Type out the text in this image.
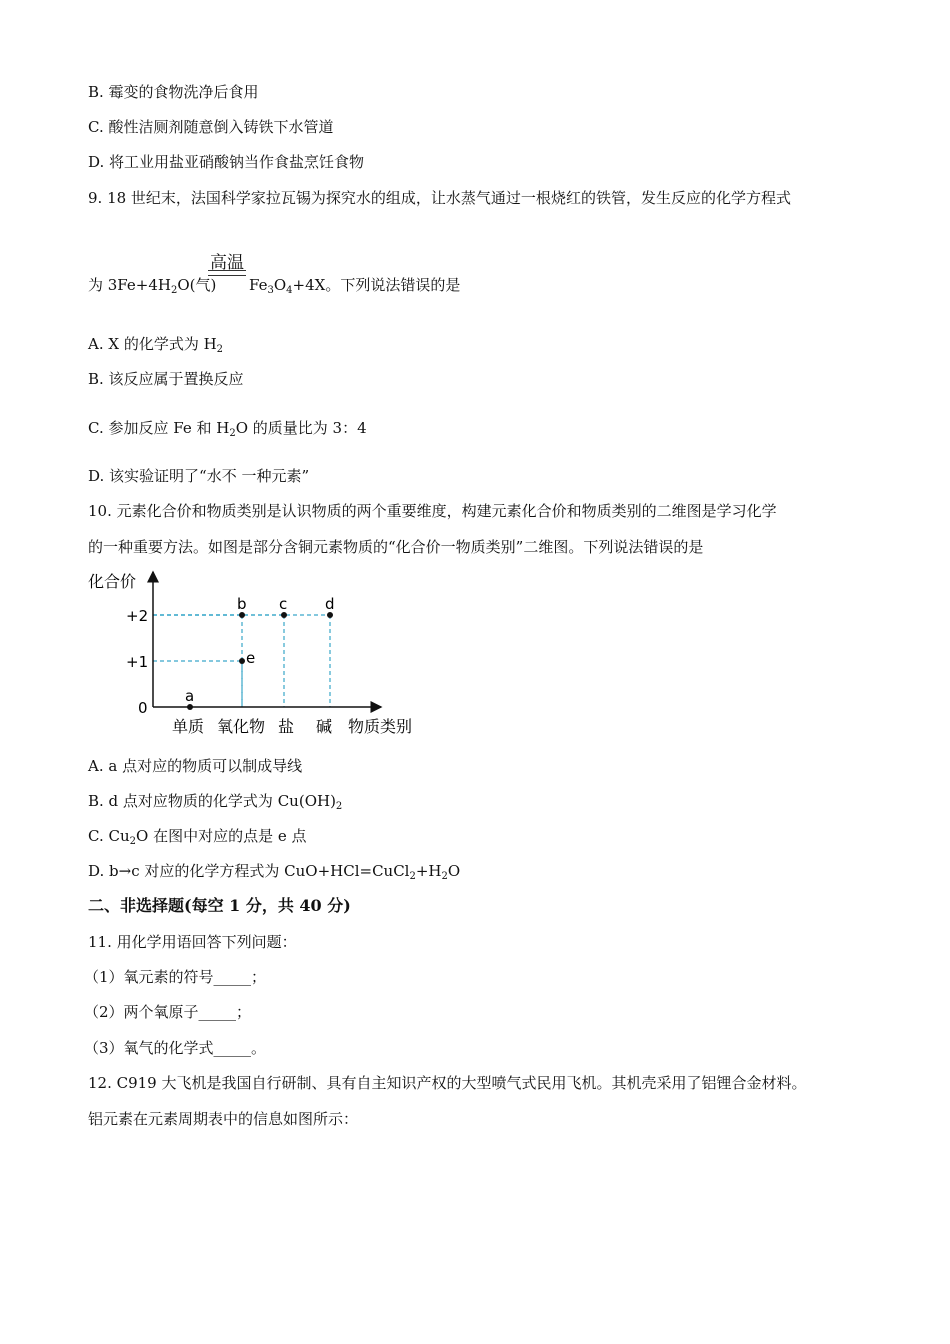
B. 霉变的食物洗净后食用
C. 酸性洁厕剂随意倒入铸铁下水管道
D. 将工业用盐亚硝酸钠当作食盐烹饪食物
9. 18 世纪末，法国科学家拉瓦锡为探究水的组成，让水蒸气通过一根烧红的铁管，发生反应的化学方程式
高温
为 $3Fe+4H_2O$(气) $Fe_3O_4+4X$。下列说法错误的是
A. X 的化学式为 $H_2$
B. 该反应属于置换反应
C. 参加反应 Fe 和 $H_2O$ 的质量比为 3：4
D. 该实验证明了“水不 一种元素”
10. 元素化合价和物质类别是认识物质的两个重要维度，构建元素化合价和物质类别的二维图是学习化学
的一种重要方法。如图是部分含铜元素物质的“化合价一物质类别”二维图。下列说法错误的是
化合价
物质类别
+2
+1
0
单质 氧化物 盐 碱
a
b
e
c	d
A. a 点对应的物质可以制成导线
B. d 点对应物质的化学式为 $Cu(OH)_2$
C. $Cu_2O$ 在图中对应的点是 e 点
D. b→c 对应的化学方程式为 $CuO+HCl=CuCl_2+H_2O$
二、非选择题(每空 1 分，共 40 分)
11. 用化学用语回答下列问题：
（1）氧元素的符号_____；
（2）两个氧原子_____；
（3）氧气的化学式_____。
12. C919 大飞机是我国自行研制、具有自主知识产权的大型喷气式民用飞机。其机壳采用了铝锂合金材料。
铝元素在元素周期表中的信息如图所示：
